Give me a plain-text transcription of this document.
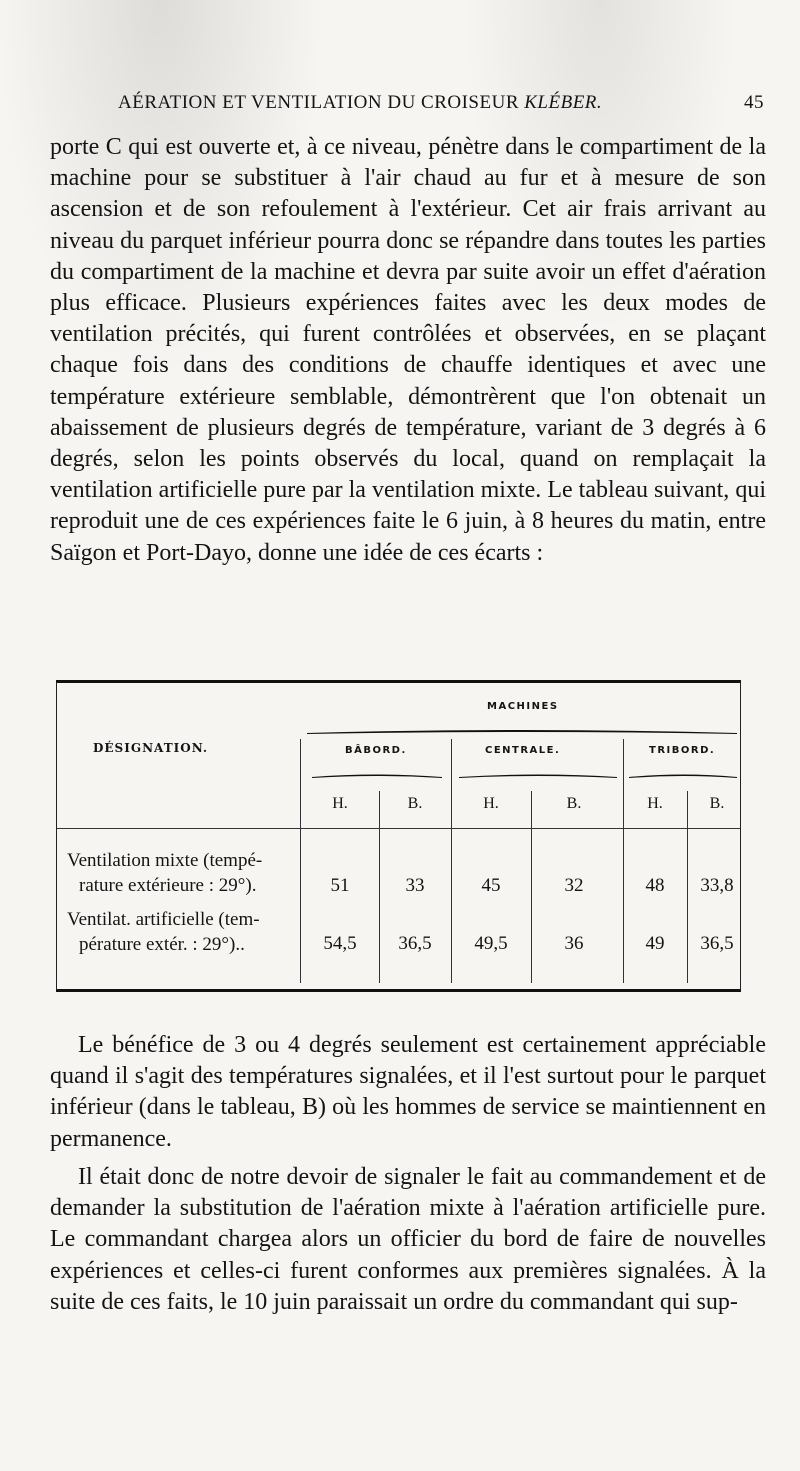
AÉRATION ET VENTILATION DU CROISEUR KLÉBER.	45
porte C qui est ouverte et, à ce niveau, pénètre dans le compartiment de la machine pour se substituer à l'air chaud au fur et à mesure de son ascension et de son refoulement à l'extérieur. Cet air frais arrivant au niveau du parquet inférieur pourra donc se répandre dans toutes les parties du compartiment de la machine et devra par suite avoir un effet d'aération plus efficace. Plusieurs expériences faites avec les deux modes de ventilation précités, qui furent contrôlées et observées, en se plaçant chaque fois dans des conditions de chauffe identiques et avec une température extérieure semblable, démontrèrent que l'on obtenait un abaissement de plusieurs degrés de température, variant de 3 degrés à 6 degrés, selon les points observés du local, quand on remplaçait la ventilation artificielle pure par la ventilation mixte. Le tableau suivant, qui reproduit une de ces expériences faite le 6 juin, à 8 heures du matin, entre Saïgon et Port-Dayo, donne une idée de ces écarts :
MACHINES
DÉSIGNATION.	BÂBORD.	CENTRALE.	TRIBORD.
H.	B.	H.	B.	H.	B.
Ventilation mixte (tempé-
rature extérieure : 29°).	51	33	45	32	48	33,8
Ventilat. artificielle (tem-
pérature extér. : 29°)..	54,5	36,5	49,5	36	49	36,5
Le bénéfice de 3 ou 4 degrés seulement est certainement appréciable quand il s'agit des températures signalées, et il l'est surtout pour le parquet inférieur (dans le tableau, B) où les hommes de service se maintiennent en permanence.
Il était donc de notre devoir de signaler le fait au commandement et de demander la substitution de l'aération mixte à l'aération artificielle pure. Le commandant chargea alors un officier du bord de faire de nouvelles expériences et celles-ci furent conformes aux premières signalées. À la suite de ces faits, le 10 juin paraissait un ordre du commandant qui sup-
